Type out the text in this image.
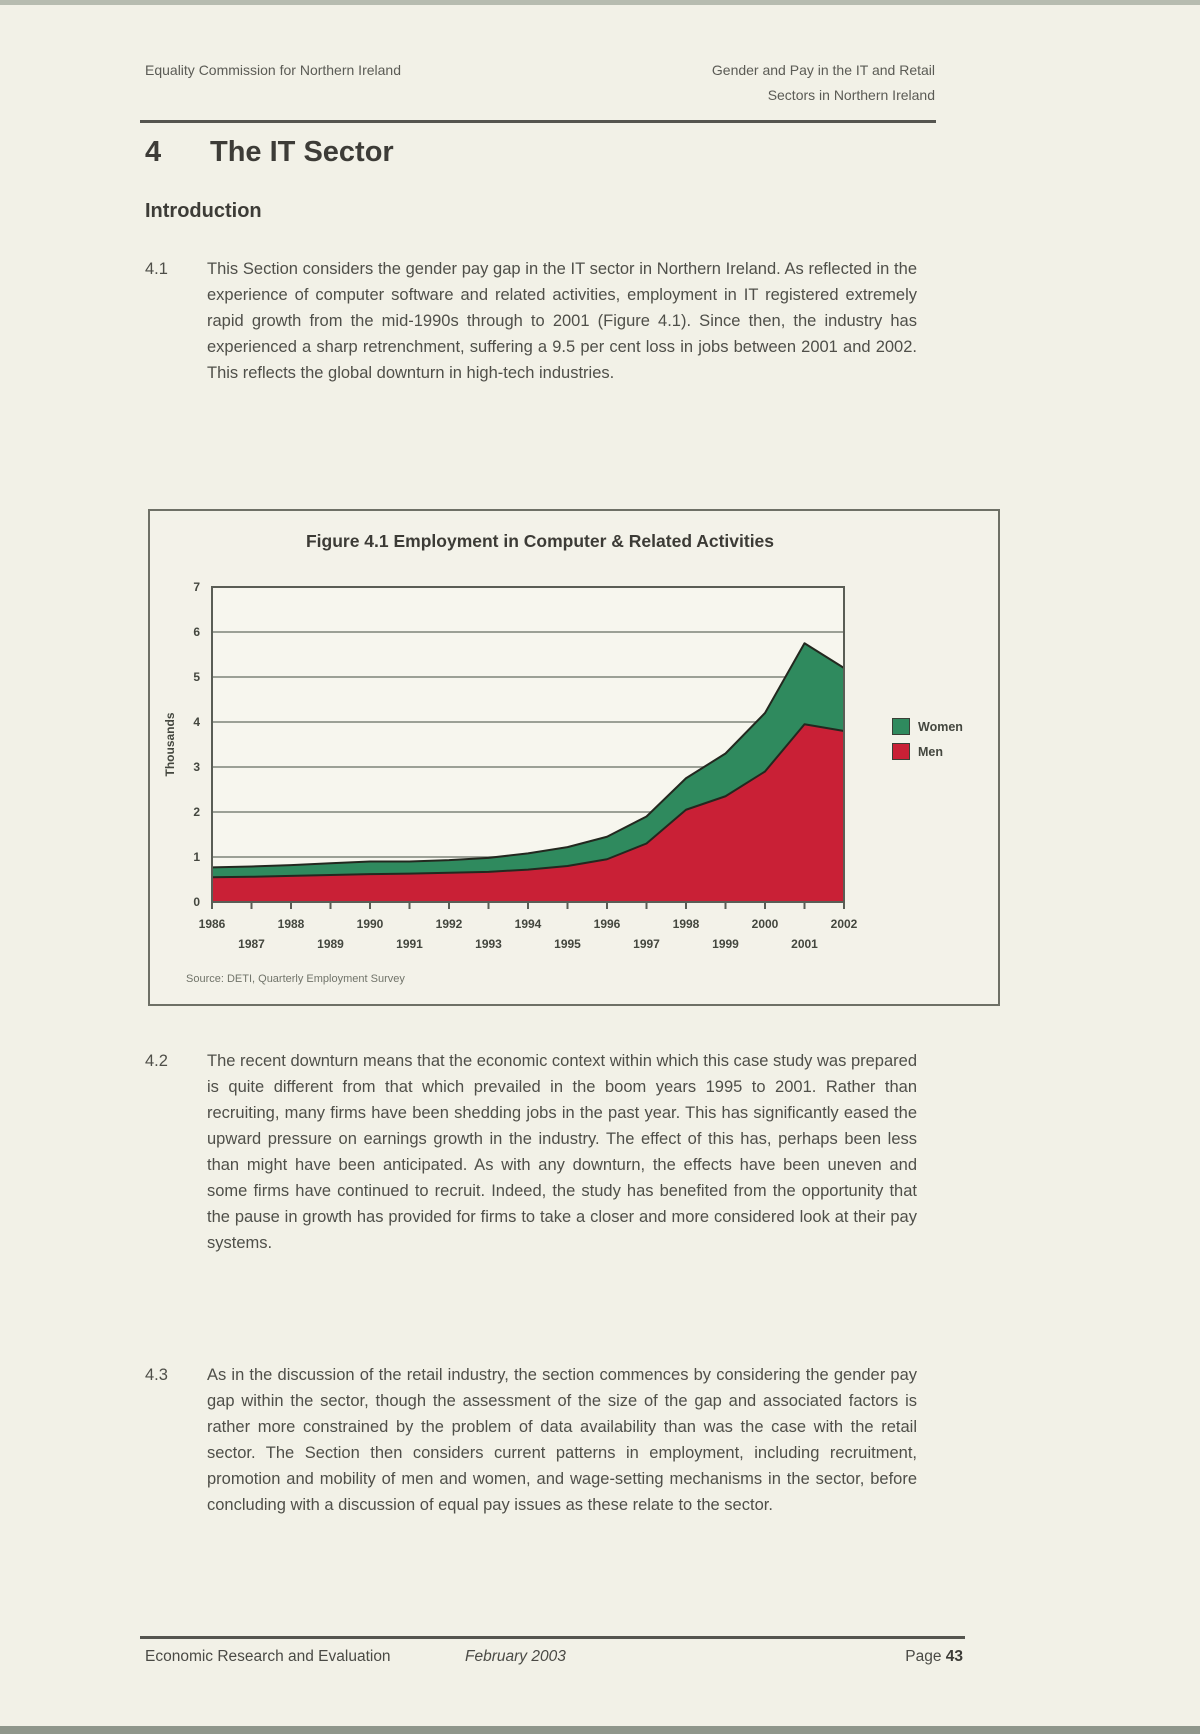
Equality Commission for Northern Ireland	Gender and Pay in the IT and Retail
Sectors in Northern Ireland
4	The IT Sector
Introduction
4.1	This Section considers the gender pay gap in the IT sector in Northern Ireland. As reflected in the experience of computer software and related activities, employment in IT registered extremely rapid growth from the mid-1990s through to 2001 (Figure 4.1). Since then, the industry has experienced a sharp retrenchment, suffering a 9.5 per cent loss in jobs between 2001 and 2002. This reflects the global downturn in high-tech industries.
0
1
2
3
4
5
6
7
1986
1987
1988
1989
1990
1991
1992
1993
1994
1995
1996
1997
1998
1999
2000
2001
2002
Thousands
Figure 4.1 Employment in Computer & Related Activities
Women
Men
Source: DETI, Quarterly Employment Survey
4.2	The recent downturn means that the economic context within which this case study was prepared is quite different from that which prevailed in the boom years 1995 to 2001. Rather than recruiting, many firms have been shedding jobs in the past year. This has significantly eased the upward pressure on earnings growth in the industry. The effect of this has, perhaps been less than might have been anticipated. As with any downturn, the effects have been uneven and some firms have continued to recruit. Indeed, the study has benefited from the opportunity that the pause in growth has provided for firms to take a closer and more considered look at their pay systems.
4.3	As in the discussion of the retail industry, the section commences by considering the gender pay gap within the sector, though the assessment of the size of the gap and associated factors is rather more constrained by the problem of data availability than was the case with the retail sector. The Section then considers current patterns in employment, including recruitment, promotion and mobility of men and women, and wage-setting mechanisms in the sector, before concluding with a discussion of equal pay issues as these relate to the sector.
Economic Research and Evaluation	February 2003	Page 43
